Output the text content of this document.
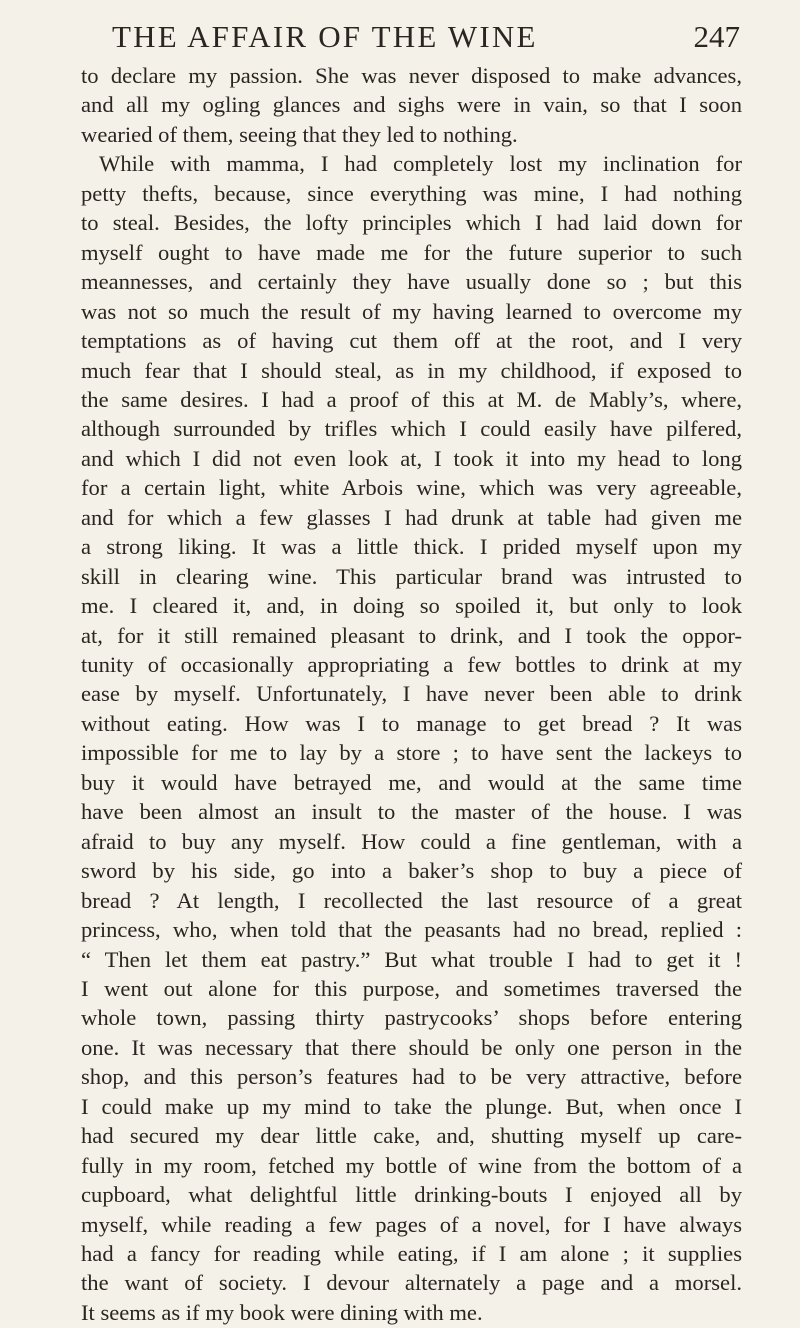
THE AFFAIR OF THE WINE	247
to declare my passion. She was never disposed to make advances,
and all my ogling glances and sighs were in vain, so that I soon
wearied of them, seeing that they led to nothing.
While with mamma, I had completely lost my inclination for
petty thefts, because, since everything was mine, I had nothing
to steal. Besides, the lofty principles which I had laid down for
myself ought to have made me for the future superior to such
meannesses, and certainly they have usually done so ; but this
was not so much the result of my having learned to overcome my
temptations as of having cut them off at the root, and I very
much fear that I should steal, as in my childhood, if exposed to
the same desires. I had a proof of this at M. de Mably’s, where,
although surrounded by trifles which I could easily have pilfered,
and which I did not even look at, I took it into my head to long
for a certain light, white Arbois wine, which was very agreeable,
and for which a few glasses I had drunk at table had given me
a strong liking. It was a little thick. I prided myself upon my
skill in clearing wine. This particular brand was intrusted to
me. I cleared it, and, in doing so spoiled it, but only to look
at, for it still remained pleasant to drink, and I took the oppor-
tunity of occasionally appropriating a few bottles to drink at my
ease by myself. Unfortunately, I have never been able to drink
without eating. How was I to manage to get bread ? It was
impossible for me to lay by a store ; to have sent the lackeys to
buy it would have betrayed me, and would at the same time
have been almost an insult to the master of the house. I was
afraid to buy any myself. How could a fine gentleman, with a
sword by his side, go into a baker’s shop to buy a piece of
bread ? At length, I recollected the last resource of a great
princess, who, when told that the peasants had no bread, replied :
“ Then let them eat pastry.” But what trouble I had to get it !
I went out alone for this purpose, and sometimes traversed the
whole town, passing thirty pastrycooks’ shops before entering
one. It was necessary that there should be only one person in the
shop, and this person’s features had to be very attractive, before
I could make up my mind to take the plunge. But, when once I
had secured my dear little cake, and, shutting myself up care-
fully in my room, fetched my bottle of wine from the bottom of a
cupboard, what delightful little drinking-bouts I enjoyed all by
myself, while reading a few pages of a novel, for I have always
had a fancy for reading while eating, if I am alone ; it supplies
the want of society. I devour alternately a page and a morsel.
It seems as if my book were dining with me.
